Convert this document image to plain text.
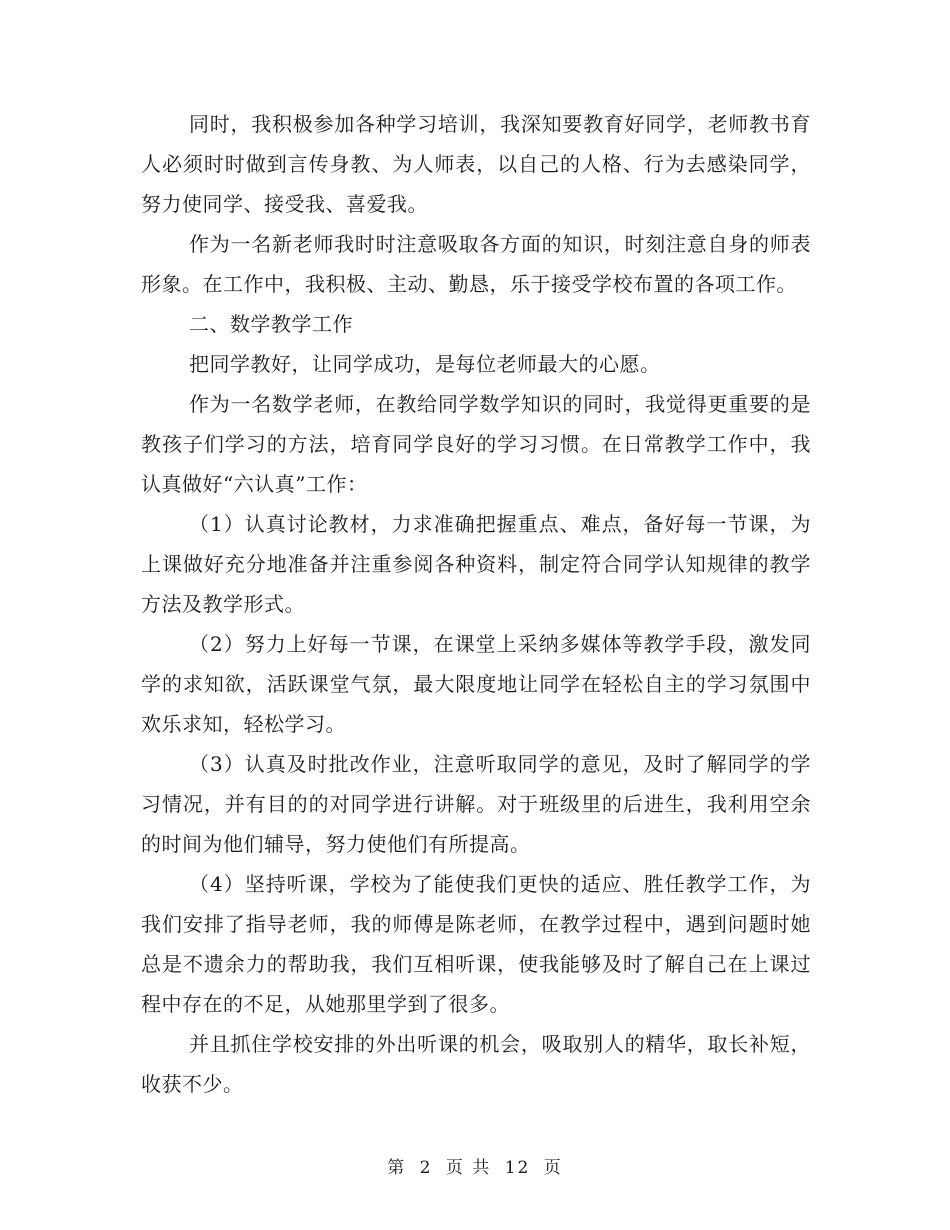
同时，我积极参加各种学习培训，我深知要教育好同学，老师教书育人必须时时做到言传身教、为人师表，以自己的人格、行为去感染同学，努力使同学、接受我、喜爱我。

作为一名新老师我时时注意吸取各方面的知识，时刻注意自身的师表形象。在工作中，我积极、主动、勤恳，乐于接受学校布置的各项工作。

二、数学教学工作

把同学教好，让同学成功，是每位老师最大的心愿。

作为一名数学老师，在教给同学数学知识的同时，我觉得更重要的是教孩子们学习的方法，培育同学良好的学习习惯。在日常教学工作中，我认真做好“六认真”工作：

（1）认真讨论教材，力求准确把握重点、难点，备好每一节课，为上课做好充分地准备并注重参阅各种资料，制定符合同学认知规律的教学方法及教学形式。

（2）努力上好每一节课，在课堂上采纳多媒体等教学手段，激发同学的求知欲，活跃课堂气氛，最大限度地让同学在轻松自主的学习氛围中欢乐求知，轻松学习。

（3）认真及时批改作业，注意听取同学的意见，及时了解同学的学习情况，并有目的的对同学进行讲解。对于班级里的后进生，我利用空余的时间为他们辅导，努力使他们有所提高。

（4）坚持听课，学校为了能使我们更快的适应、胜任教学工作，为我们安排了指导老师，我的师傅是陈老师，在教学过程中，遇到问题时她总是不遗余力的帮助我，我们互相听课，使我能够及时了解自己在上课过程中存在的不足，从她那里学到了很多。

并且抓住学校安排的外出听课的机会，吸取别人的精华，取长补短，收获不少。

第 2 页 共 12 页
